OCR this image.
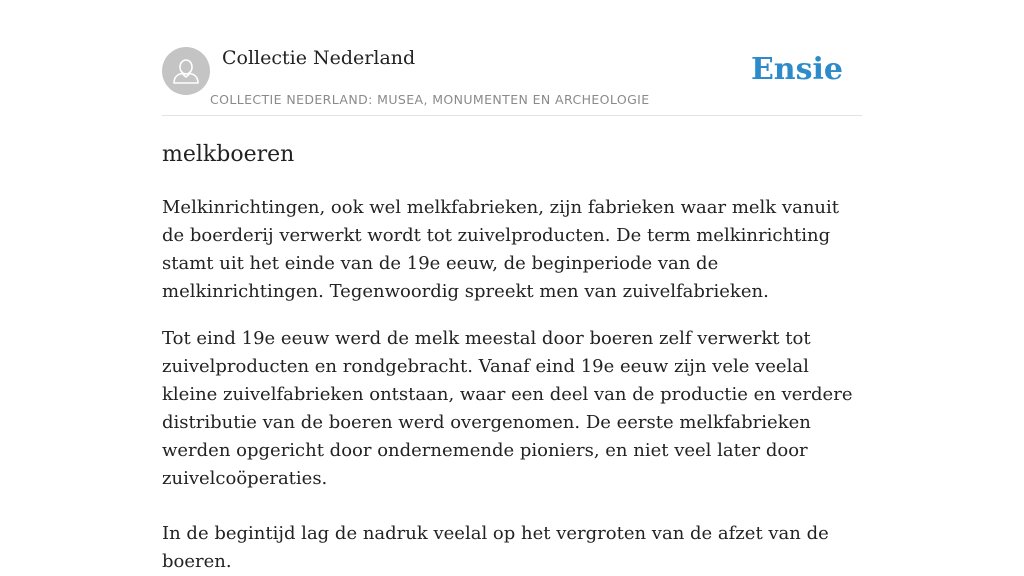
Collectie Nederland
COLLECTIE NEDERLAND: MUSEA, MONUMENTEN EN ARCHEOLOGIE
Ensie
melkboeren

Melkinrichtingen, ook wel melkfabrieken, zijn fabrieken waar melk vanuit de boerderij verwerkt wordt tot zuivelproducten. De term melkinrichting stamt uit het einde van de 19e eeuw, de beginperiode van de melkinrichtingen. Tegenwoordig spreekt men van zuivelfabrieken.

Tot eind 19e eeuw werd de melk meestal door boeren zelf verwerkt tot zuivelproducten en rondgebracht. Vanaf eind 19e eeuw zijn vele veelal kleine zuivelfabrieken ontstaan, waar een deel van de productie en verdere distributie van de boeren werd overgenomen. De eerste melkfabrieken werden opgericht door ondernemende pioniers, en niet veel later door zuivelcoöperaties.

In de begintijd lag de nadruk veelal op het vergroten van de afzet van de boeren.
